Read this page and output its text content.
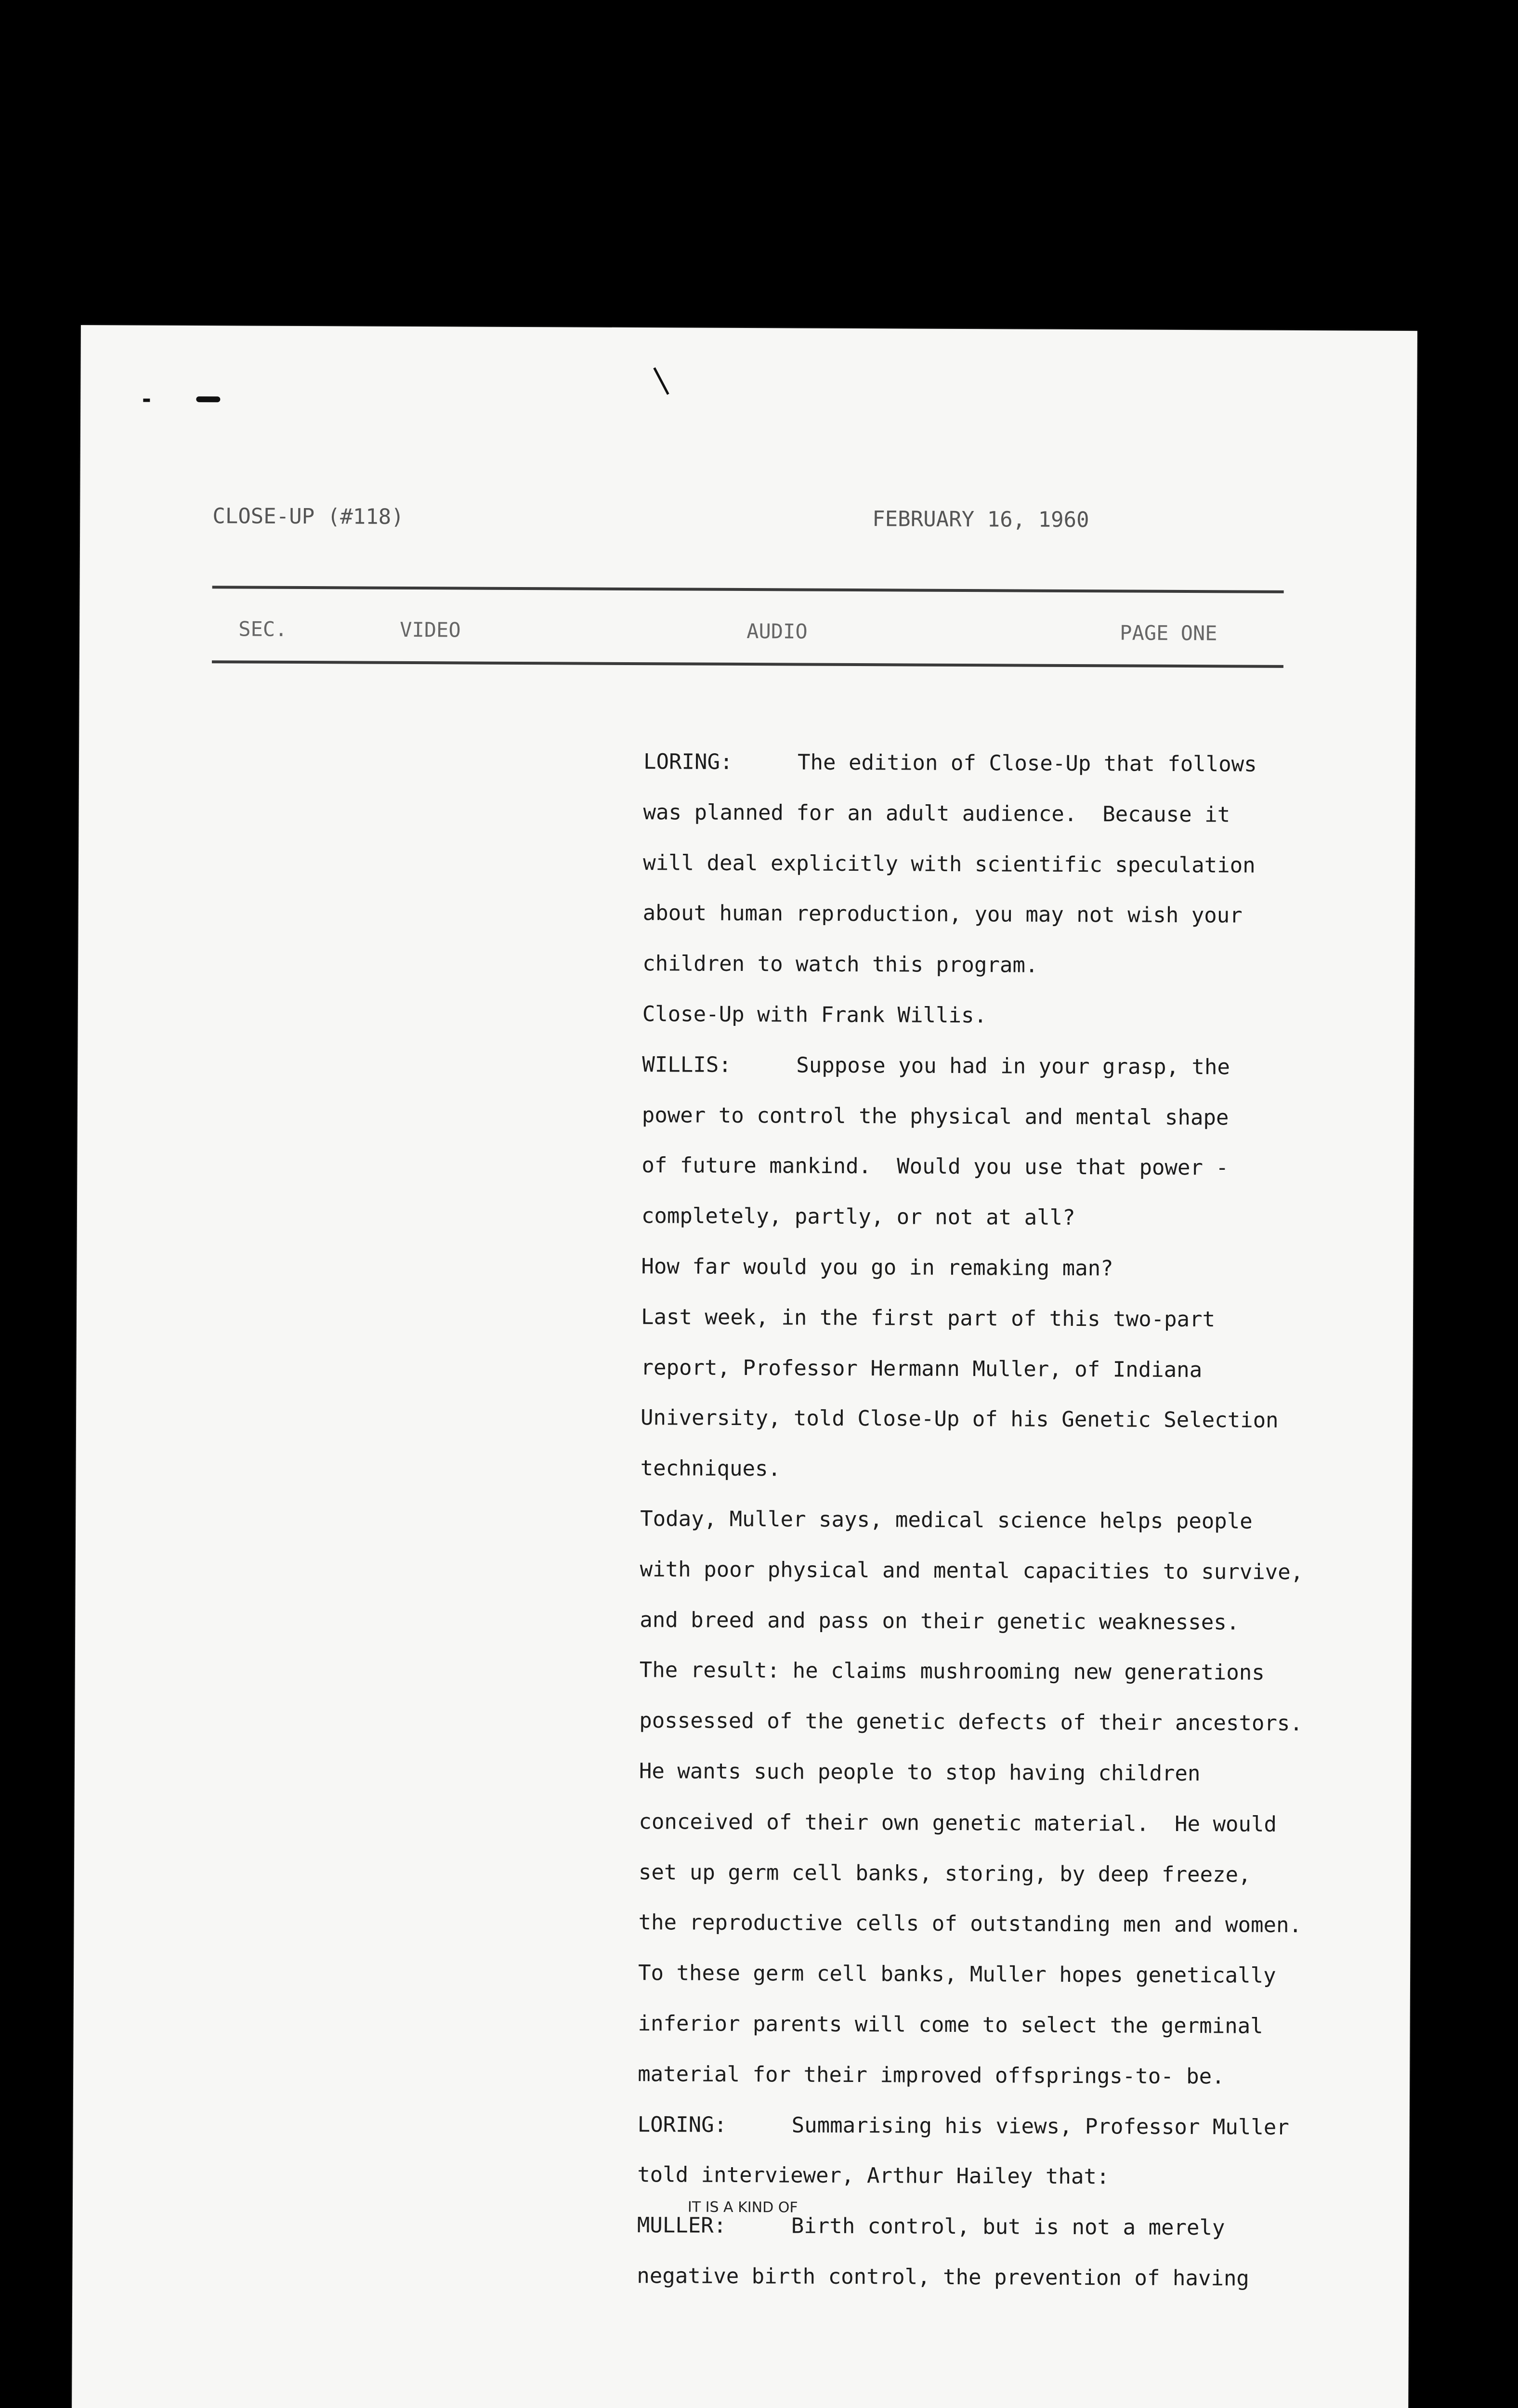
CLOSE-UP (#118)	FEBRUARY 16, 1960
SEC.	VIDEO	AUDIO	PAGE ONE
LORING:	The edition of Close-Up that follows
was planned for an adult audience.  Because it
will deal explicitly with scientific speculation
about human reproduction, you may not wish your
children to watch this program.
Close-Up with Frank Willis.
WILLIS:	Suppose you had in your grasp, the
power to control the physical and mental shape
of future mankind.  Would you use that power -
completely, partly, or not at all?
How far would you go in remaking man?
Last week, in the first part of this two-part
report, Professor Hermann Muller, of Indiana
University, told Close-Up of his Genetic Selection
techniques.
Today, Muller says, medical science helps people
with poor physical and mental capacities to survive,
and breed and pass on their genetic weaknesses.
The result: he claims mushrooming new generations
possessed of the genetic defects of their ancestors.
He wants such people to stop having children
conceived of their own genetic material.  He would
set up germ cell banks, storing, by deep freeze,
the reproductive cells of outstanding men and women.
To these germ cell banks, Muller hopes genetically
inferior parents will come to select the germinal
material for their improved offsprings-to- be.
LORING:	Summarising his views, Professor Muller
told interviewer, Arthur Hailey that:
MULLER:	Birth control, but is not a merely
IT IS A KIND OF
negative birth control, the prevention of having
